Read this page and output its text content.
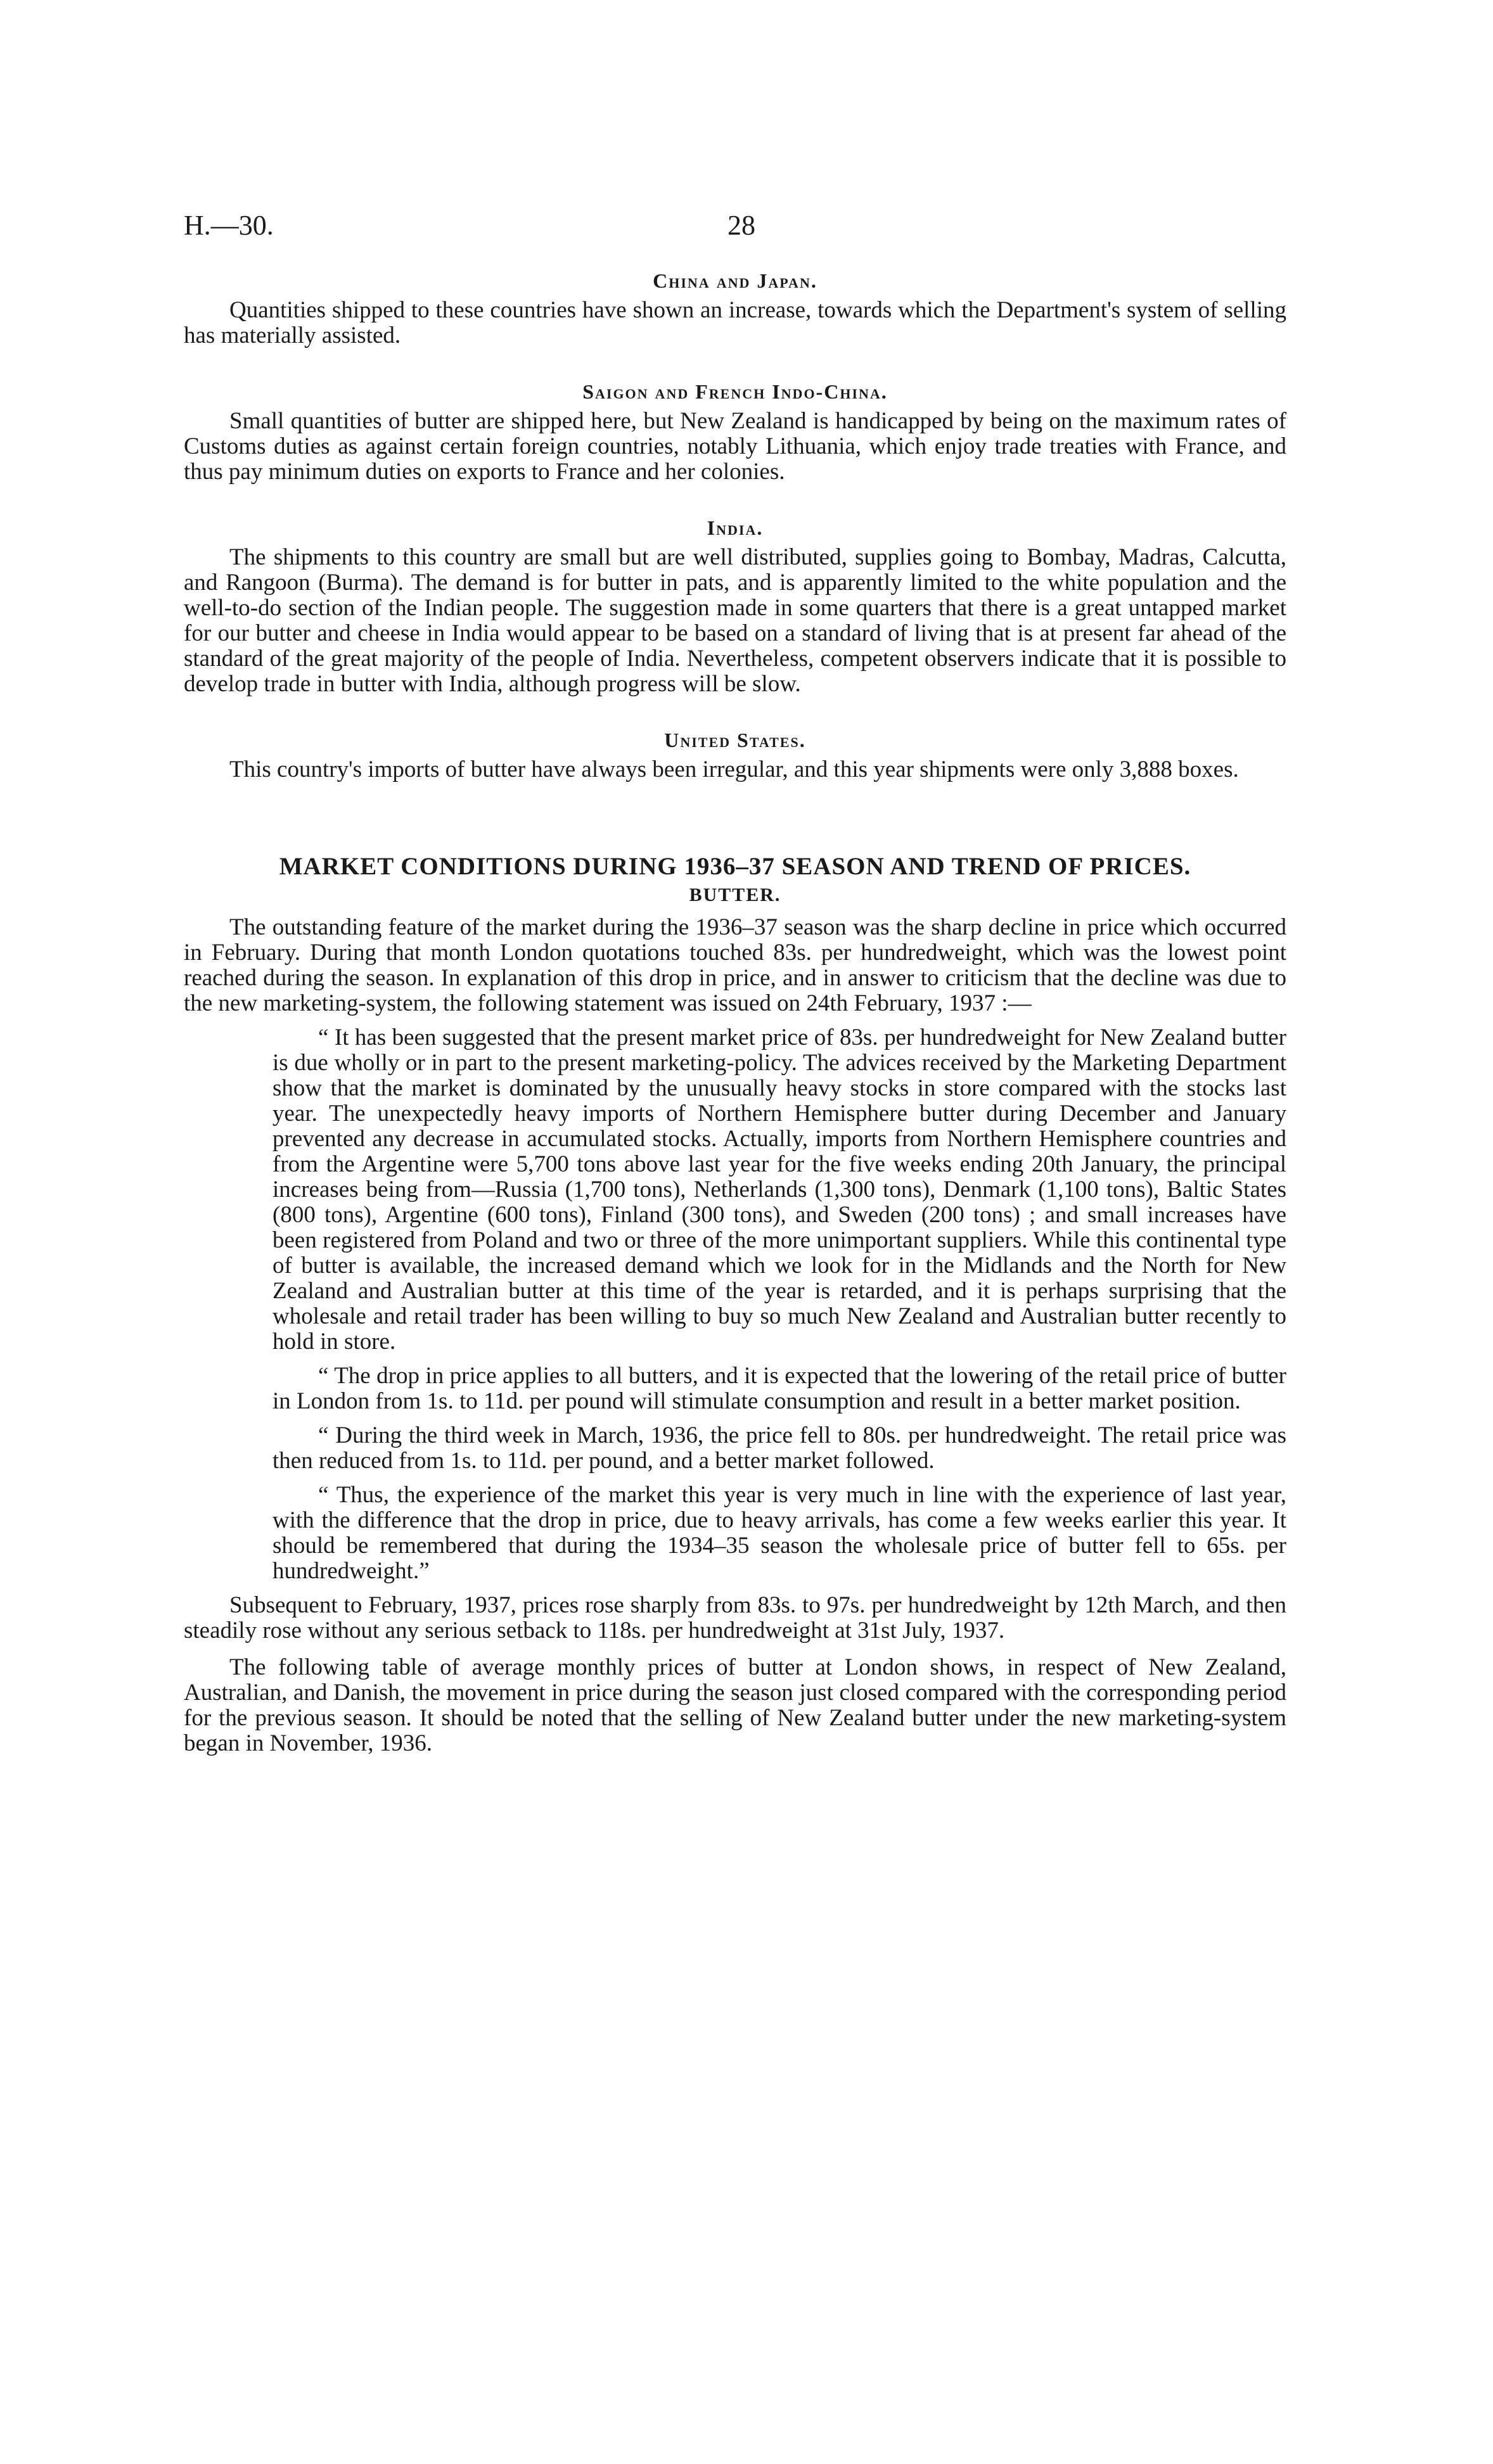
H.—30.	28
China and Japan.

Quantities shipped to these countries have shown an increase, towards which the Department's system of selling has materially assisted.

Saigon and French Indo-China.

Small quantities of butter are shipped here, but New Zealand is handicapped by being on the maximum rates of Customs duties as against certain foreign countries, notably Lithuania, which enjoy trade treaties with France, and thus pay minimum duties on exports to France and her colonies.

India.

The shipments to this country are small but are well distributed, supplies going to Bombay, Madras, Calcutta, and Rangoon (Burma). The demand is for butter in pats, and is apparently limited to the white population and the well-to-do section of the Indian people. The suggestion made in some quarters that there is a great untapped market for our butter and cheese in India would appear to be based on a standard of living that is at present far ahead of the standard of the great majority of the people of India. Nevertheless, competent observers indicate that it is possible to develop trade in butter with India, although progress will be slow.

United States.

This country's imports of butter have always been irregular, and this year shipments were only 3,888 boxes.

MARKET CONDITIONS DURING 1936–37 SEASON AND TREND OF PRICES.
BUTTER.

The outstanding feature of the market during the 1936–37 season was the sharp decline in price which occurred in February. During that month London quotations touched 83s. per hundredweight, which was the lowest point reached during the season. In explanation of this drop in price, and in answer to criticism that the decline was due to the new marketing-system, the following statement was issued on 24th February, 1937 :—

“ It has been suggested that the present market price of 83s. per hundredweight for New Zealand butter is due wholly or in part to the present marketing-policy. The advices received by the Marketing Department show that the market is dominated by the unusually heavy stocks in store compared with the stocks last year. The unexpectedly heavy imports of Northern Hemisphere butter during December and January prevented any decrease in accumulated stocks. Actually, imports from Northern Hemisphere countries and from the Argentine were 5,700 tons above last year for the five weeks ending 20th January, the principal increases being from—Russia (1,700 tons), Netherlands (1,300 tons), Denmark (1,100 tons), Baltic States (800 tons), Argentine (600 tons), Finland (300 tons), and Sweden (200 tons) ; and small increases have been registered from Poland and two or three of the more unimportant suppliers. While this continental type of butter is available, the increased demand which we look for in the Midlands and the North for New Zealand and Australian butter at this time of the year is retarded, and it is perhaps surprising that the wholesale and retail trader has been willing to buy so much New Zealand and Australian butter recently to hold in store.

“ The drop in price applies to all butters, and it is expected that the lowering of the retail price of butter in London from 1s. to 11d. per pound will stimulate consumption and result in a better market position.

“ During the third week in March, 1936, the price fell to 80s. per hundredweight. The retail price was then reduced from 1s. to 11d. per pound, and a better market followed.

“ Thus, the experience of the market this year is very much in line with the experience of last year, with the difference that the drop in price, due to heavy arrivals, has come a few weeks earlier this year. It should be remembered that during the 1934–35 season the wholesale price of butter fell to 65s. per hundredweight.”

Subsequent to February, 1937, prices rose sharply from 83s. to 97s. per hundredweight by 12th March, and then steadily rose without any serious setback to 118s. per hundredweight at 31st July, 1937.

The following table of average monthly prices of butter at London shows, in respect of New Zealand, Australian, and Danish, the movement in price during the season just closed compared with the corresponding period for the previous season. It should be noted that the selling of New Zealand butter under the new marketing-system began in November, 1936.
